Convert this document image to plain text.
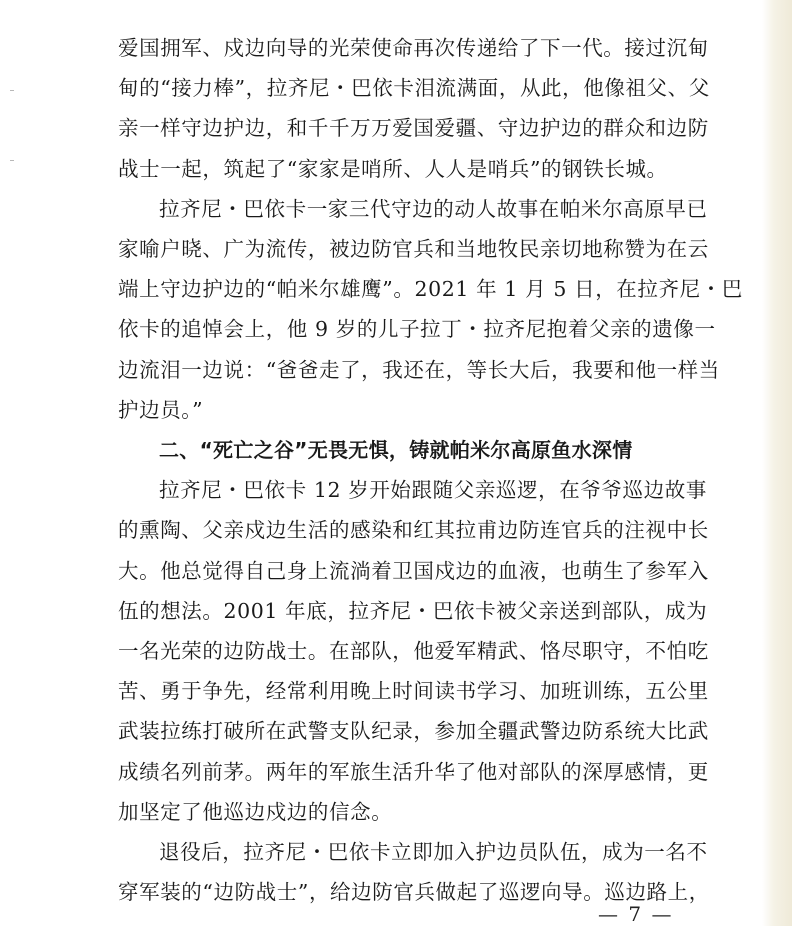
爱国拥军、戍边向导的光荣使命再次传递给了下一代。接过沉甸
甸的“接力棒”，拉齐尼・巴依卡泪流满面，从此，他像祖父、父
亲一样守边护边，和千千万万爱国爱疆、守边护边的群众和边防
战士一起，筑起了“家家是哨所、人人是哨兵”的钢铁长城。
拉齐尼・巴依卡一家三代守边的动人故事在帕米尔高原早已
家喻户晓、广为流传，被边防官兵和当地牧民亲切地称赞为在云
端上守边护边的“帕米尔雄鹰”。2021 年 1 月 5 日，在拉齐尼・巴
依卡的追悼会上，他 9 岁的儿子拉丁・拉齐尼抱着父亲的遗像一
边流泪一边说：“爸爸走了，我还在，等长大后，我要和他一样当
护边员。”
二、“死亡之谷”无畏无惧，铸就帕米尔高原鱼水深情
拉齐尼・巴依卡 12 岁开始跟随父亲巡逻，在爷爷巡边故事
的熏陶、父亲戍边生活的感染和红其拉甫边防连官兵的注视中长
大。他总觉得自己身上流淌着卫国戍边的血液，也萌生了参军入
伍的想法。2001 年底，拉齐尼・巴依卡被父亲送到部队，成为
一名光荣的边防战士。在部队，他爱军精武、恪尽职守，不怕吃
苦、勇于争先，经常利用晚上时间读书学习、加班训练，五公里
武装拉练打破所在武警支队纪录，参加全疆武警边防系统大比武
成绩名列前茅。两年的军旅生活升华了他对部队的深厚感情，更
加坚定了他巡边戍边的信念。
退役后，拉齐尼・巴依卡立即加入护边员队伍，成为一名不
穿军装的“边防战士”，给边防官兵做起了巡逻向导。巡边路上，
— 7 —
